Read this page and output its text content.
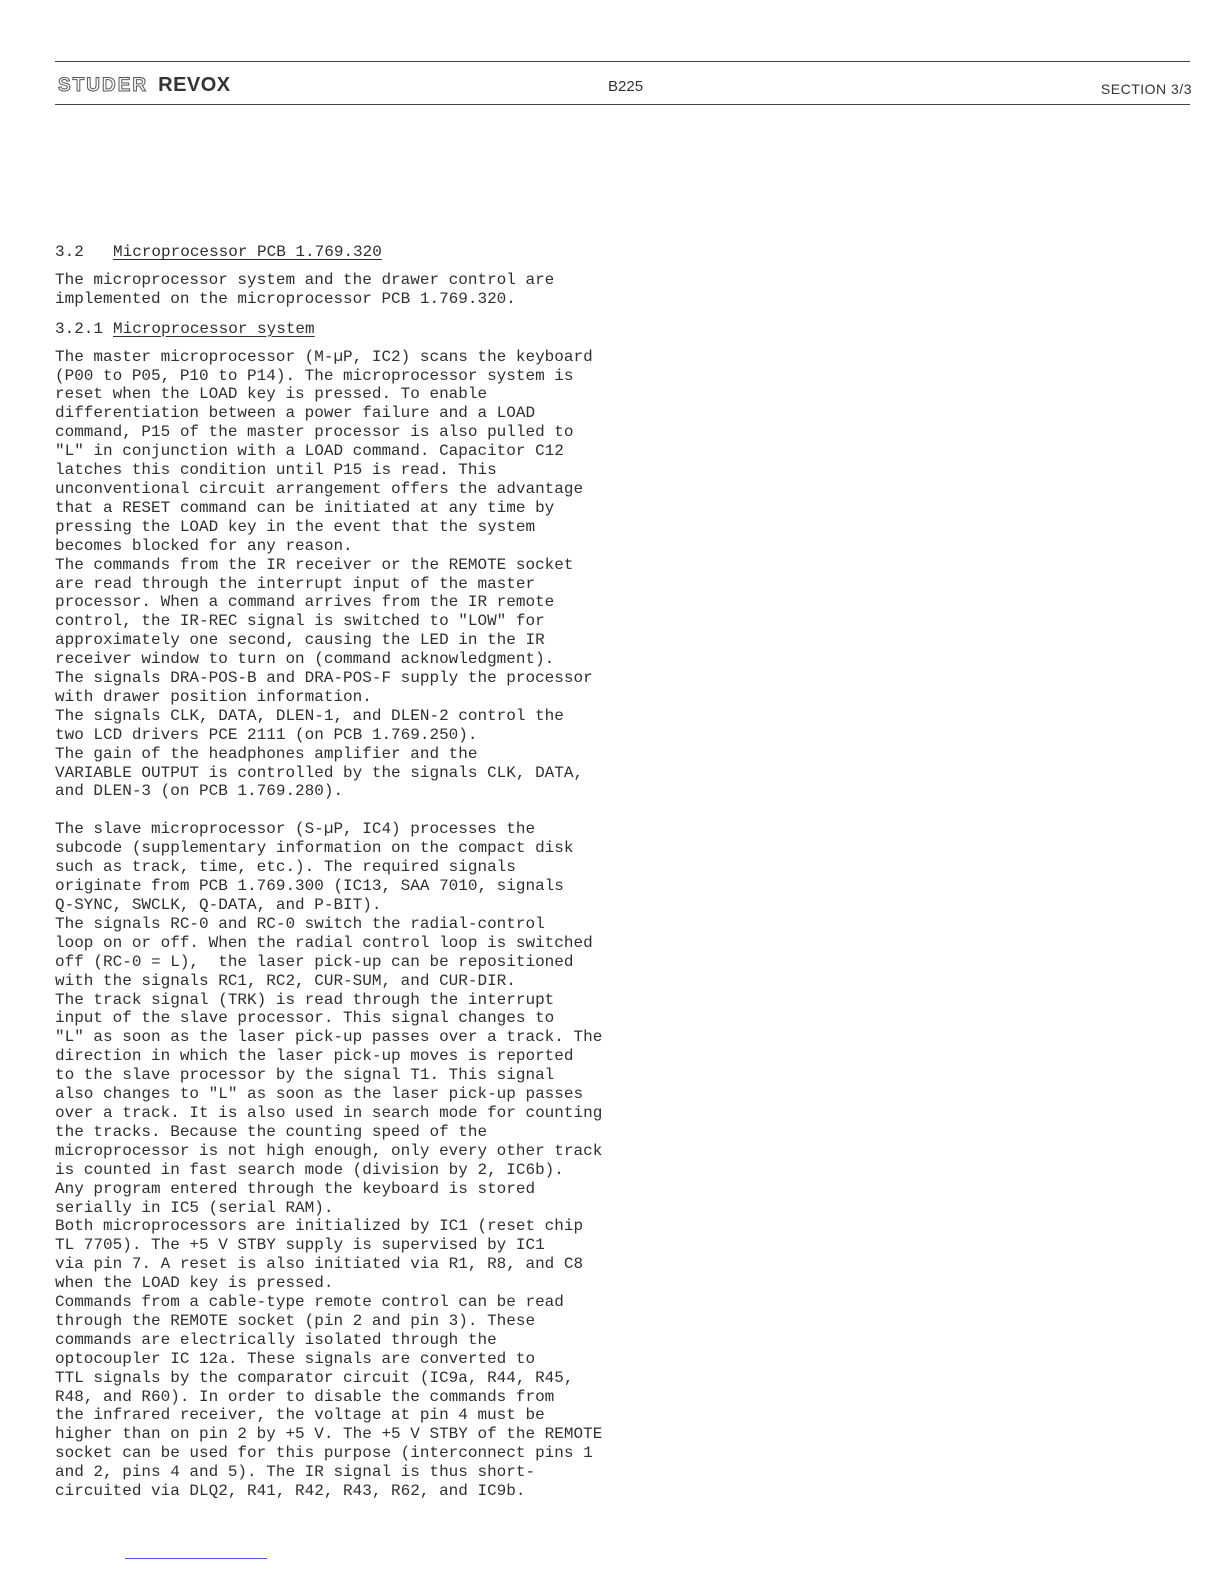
STUDER REVOX	B225	SECTION 3/3
3.2 Microprocessor PCB 1.769.320

The microprocessor system and the drawer control are
implemented on the microprocessor PCB 1.769.320.

3.2.1 Microprocessor system

The master microprocessor (M-µP, IC2) scans the keyboard
(P00 to P05, P10 to P14). The microprocessor system is
reset when the LOAD key is pressed. To enable
differentiation between a power failure and a LOAD
command, P15 of the master processor is also pulled to
"L" in conjunction with a LOAD command. Capacitor C12
latches this condition until P15 is read. This
unconventional circuit arrangement offers the advantage
that a RESET command can be initiated at any time by
pressing the LOAD key in the event that the system
becomes blocked for any reason.
The commands from the IR receiver or the REMOTE socket
are read through the interrupt input of the master
processor. When a command arrives from the IR remote
control, the IR-REC signal is switched to "LOW" for
approximately one second, causing the LED in the IR
receiver window to turn on (command acknowledgment).
The signals DRA-POS-B and DRA-POS-F supply the processor
with drawer position information.
The signals CLK, DATA, DLEN-1, and DLEN-2 control the
two LCD drivers PCE 2111 (on PCB 1.769.250).
The gain of the headphones amplifier and the
VARIABLE OUTPUT is controlled by the signals CLK, DATA,
and DLEN-3 (on PCB 1.769.280).

The slave microprocessor (S-µP, IC4) processes the
subcode (supplementary information on the compact disk
such as track, time, etc.). The required signals
originate from PCB 1.769.300 (IC13, SAA 7010, signals
Q-SYNC, SWCLK, Q-DATA, and P-BIT).
The signals RC-0 and RC-0 switch the radial-control
loop on or off. When the radial control loop is switched
off (RC-0 = L),  the laser pick-up can be repositioned
with the signals RC1, RC2, CUR-SUM, and CUR-DIR.
The track signal (TRK) is read through the interrupt
input of the slave processor. This signal changes to
"L" as soon as the laser pick-up passes over a track. The
direction in which the laser pick-up moves is reported
to the slave processor by the signal T1. This signal
also changes to "L" as soon as the laser pick-up passes
over a track. It is also used in search mode for counting
the tracks. Because the counting speed of the
microprocessor is not high enough, only every other track
is counted in fast search mode (division by 2, IC6b).
Any program entered through the keyboard is stored
serially in IC5 (serial RAM).
Both microprocessors are initialized by IC1 (reset chip
TL 7705). The +5 V STBY supply is supervised by IC1
via pin 7. A reset is also initiated via R1, R8, and C8
when the LOAD key is pressed.
Commands from a cable-type remote control can be read
through the REMOTE socket (pin 2 and pin 3). These
commands are electrically isolated through the
optocoupler IC 12a. These signals are converted to
TTL signals by the comparator circuit (IC9a, R44, R45,
R48, and R60). In order to disable the commands from
the infrared receiver, the voltage at pin 4 must be
higher than on pin 2 by +5 V. The +5 V STBY of the REMOTE
socket can be used for this purpose (interconnect pins 1
and 2, pins 4 and 5). The IR signal is thus short-
circuited via DLQ2, R41, R42, R43, R62, and IC9b.
